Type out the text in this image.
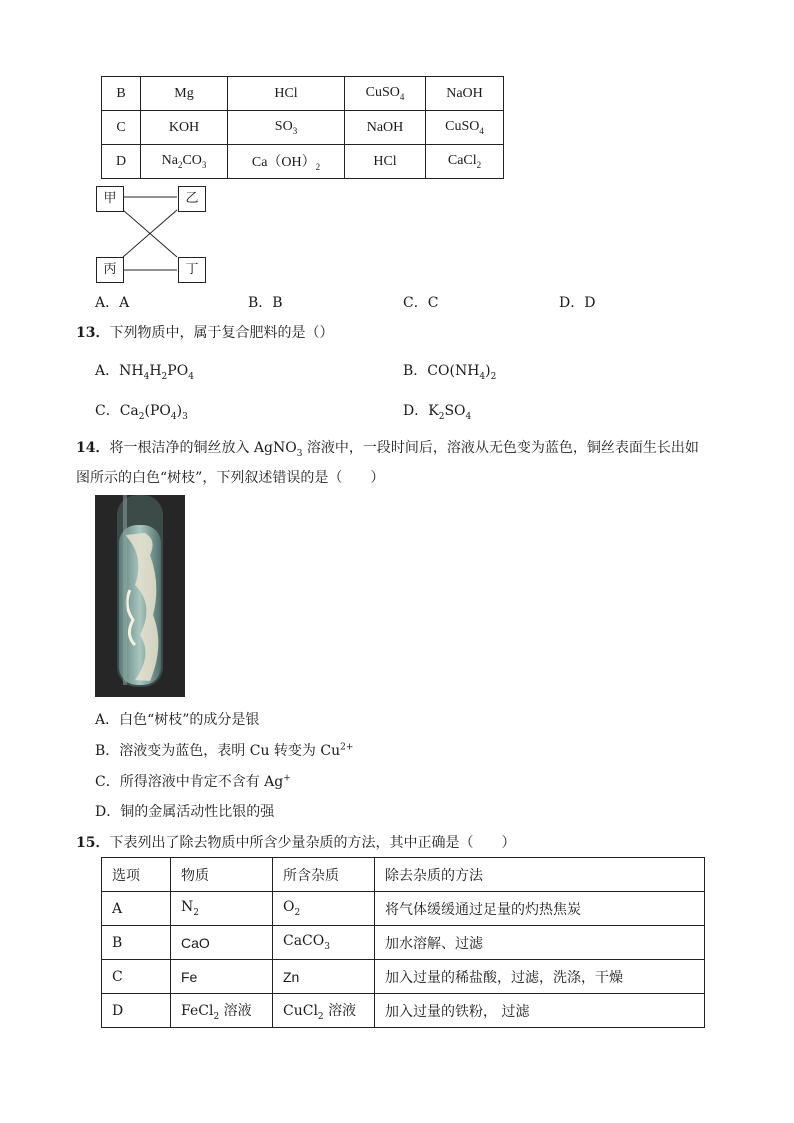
B	Mg	HCl	CuSO$_4$	NaOH
C	KOH	$SO_3$	NaOH	CuSO$_4$
D	$Na_2CO_3$	$Ca(OH)_2$	HCl	CaCl$_2$
甲	乙
丙	丁
A．A	B．B	C．C	D．D
13．下列物质中，属于复合肥料的是（）
A．$NH_4H_2PO_4$	B．$CO(NH_4)_2$
C．$Ca_2(PO_4)_3$	D．$K_2SO_4$
14．将一根洁净的铜丝放入 AgNO$_3$ 溶液中，一段时间后，溶液从无色变为蓝色，铜丝表面生长出如
图所示的白色“树枝”，下列叙述错误的是（　　）
A．白色“树枝”的成分是银
B．溶液变为蓝色，表明 Cu 转变为 $Cu^{2+}$
C．所得溶液中肯定不含有 Ag+
D．铜的金属活动性比银的强
15．下表列出了除去物质中所含少量杂质的方法，其中正确是（　　）
选项	物质	所含杂质	除去杂质的方法
A	$N_2$	$O_2$	将气体缓缓通过足量的灼热焦炭
B	CaO	CaCO$_3$	加水溶解、过滤
C	Fe	Zn	加入过量的稀盐酸，过滤，洗涤，干燥
D	FeCl$_2$ 溶液	CuCl$_2$ 溶液	加入过量的铁粉， 过滤
